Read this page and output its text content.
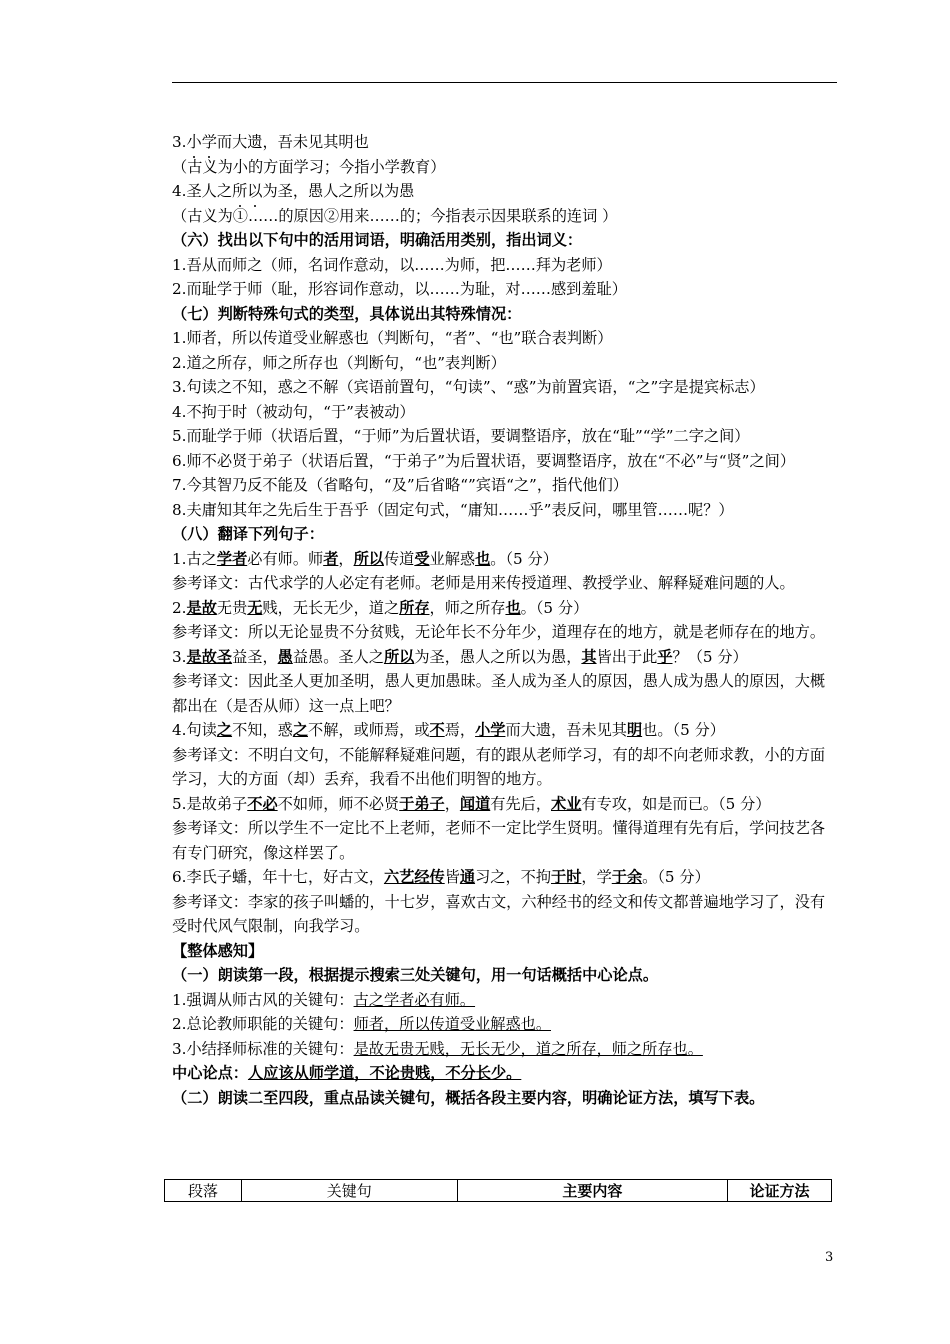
3.小学而大遗，吾未见其明也
（古义为小的方面学习；今指小学教育）
4.圣人之所以为圣，愚人之所以为愚
（古义为①……的原因②用来……的；今指表示因果联系的连词 ）
（六）找出以下句中的活用词语，明确活用类别，指出词义：
1.吾从而师之（师，名词作意动，以……为师，把……拜为老师）
2.而耻学于师（耻，形容词作意动，以……为耻，对……感到羞耻）
（七）判断特殊句式的类型，具体说出其特殊情况：
1.师者，所以传道受业解惑也（判断句，“者”、“也”联合表判断）
2.道之所存，师之所存也（判断句，“也”表判断）
3.句读之不知，惑之不解（宾语前置句，“句读”、“惑”为前置宾语，“之”字是提宾标志）
4.不拘于时（被动句，“于”表被动）
5.而耻学于师（状语后置，“于师”为后置状语，要调整语序，放在“耻”“学”二字之间）
6.师不必贤于弟子（状语后置，“于弟子”为后置状语，要调整语序，放在“不必”与“贤”之间）
7.今其智乃反不能及（省略句，“及”后省略“”宾语“之”，指代他们）
8.夫庸知其年之先后生于吾乎（固定句式，“庸知……乎”表反问，哪里管……呢？）
（八）翻译下列句子：
1.古之学者必有师。师者，所以传道受业解惑也。（5 分）
参考译文：古代求学的人必定有老师。老师是用来传授道理、教授学业、解释疑难问题的人。
2.是故无贵无贱，无长无少，道之所存，师之所存也。（5 分）
参考译文：所以无论显贵不分贫贱，无论年长不分年少，道理存在的地方，就是老师存在的地方。
3.是故圣益圣，愚益愚。圣人之所以为圣，愚人之所以为愚，其皆出于此乎？（5 分）
参考译文：因此圣人更加圣明，愚人更加愚昧。圣人成为圣人的原因，愚人成为愚人的原因，大概都出在（是否从师）这一点上吧？
4.句读之不知，惑之不解，或师焉，或不焉，小学而大遗，吾未见其明也。（5 分）
参考译文：不明白文句，不能解释疑难问题，有的跟从老师学习，有的却不向老师求教，小的方面学习，大的方面（却）丢弃，我看不出他们明智的地方。
5.是故弟子不必不如师，师不必贤于弟子，闻道有先后，术业有专攻，如是而已。（5 分）
参考译文：所以学生不一定比不上老师，老师不一定比学生贤明。懂得道理有先有后，学问技艺各有专门研究，像这样罢了。
6.李氏子蟠，年十七，好古文，六艺经传皆通习之，不拘于时，学于余。（5 分）
参考译文：李家的孩子叫蟠的，十七岁，喜欢古文，六种经书的经文和传文都普遍地学习了，没有受时代风气限制，向我学习。
【整体感知】
（一）朗读第一段，根据提示搜索三处关键句，用一句话概括中心论点。
1.强调从师古风的关键句：古之学者必有师。
2.总论教师职能的关键句：师者，所以传道受业解惑也。
3.小结择师标准的关键句：是故无贵无贱，无长无少，道之所存，师之所存也。
中心论点：人应该从师学道，不论贵贱，不分长少。
（二）朗读二至四段，重点品读关键句，概括各段主要内容，明确论证方法，填写下表。
段落	关键句	主要内容	论证方法
3
